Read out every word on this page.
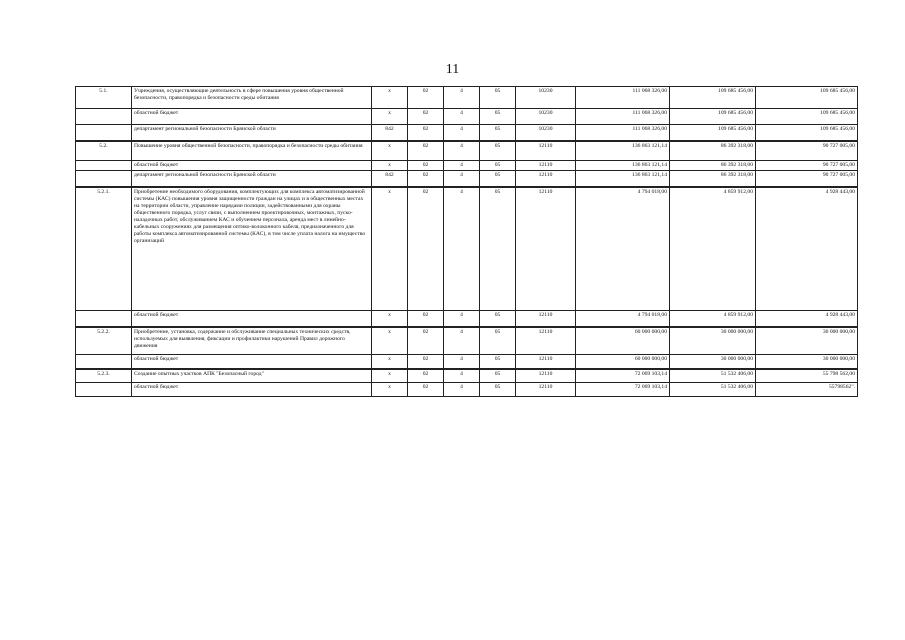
11
5.1.	Учреждения, осуществляющие деятельность в сфере повышения уровня общественной безопасности, правопорядка и безопасности среды обитания	х	02	4	05	10230	111 068 326,00	109 685 456,00	109 685 456,00
	областной бюджет	х	02	4	05	10230	111 068 326,00	109 685 456,00	109 685 456,00
	департамент региональной безопасности Брянской области	842	02	4	05	10230	111 068 326,00	109 685 456,00	109 685 456,00
5.2.	Повышение уровня общественной безопасности, правопорядка и безопасности среды обитания	х	02	4	05	12110	136 863 121,14	86 392 318,00	90 727 005,00
	областной бюджет	х	02	4	05	12110	136 863 121,14	86 392 318,00	90 727 005,00
	департамент региональной безопасности Брянской области	842	02	4	05	12110	136 863 121,14	86 392 318,00	90 727 005,00
5.2.1.	Приобретение необходимого оборудования, комплектующих для комплекса автоматизированной системы (КАС) повышения уровня защищенности граждан на улицах и в общественных местах на территории области, управление нарядами полиции, задействованными для охраны общественного порядка, услуг связи, с выполнением проектировочных, монтажных, пуско-наладочных работ, обслуживанием КАС и обучением персонала, аренда мест в линейно-кабельных сооружениях для размещения оптико-волоконного кабеля, предназначенного для работы комплекса автоматизированной системы (КАС), в том числе уплата налога на имущество организаций	х	02	4	05	12110	4 794 018,00	4 859 912,00	4 928 443,00
	областной бюджет	х	02	4	05	12110	4 794 018,00	4 859 912,00	4 928 443,00
5.2.2.	Приобретение, установка, содержание и обслуживание специальных технических средств, используемых для выявления, фиксации и профилактики нарушений Правил дорожного движения	х	02	4	05	12110	60 000 000,00	30 000 000,00	30 000 000,00
	областной бюджет	х	02	4	05	12110	60 000 000,00	30 000 000,00	30 000 000,00
5.2.3.	Создание опытных участков АПК "Безопасный город"	х	02	4	05	12110	72 069 103,14	51 532 406,00	55 798 562,00
	областной бюджет	х	02	4	05	12110	72 069 103,14	51 532 406,00	55798562".
